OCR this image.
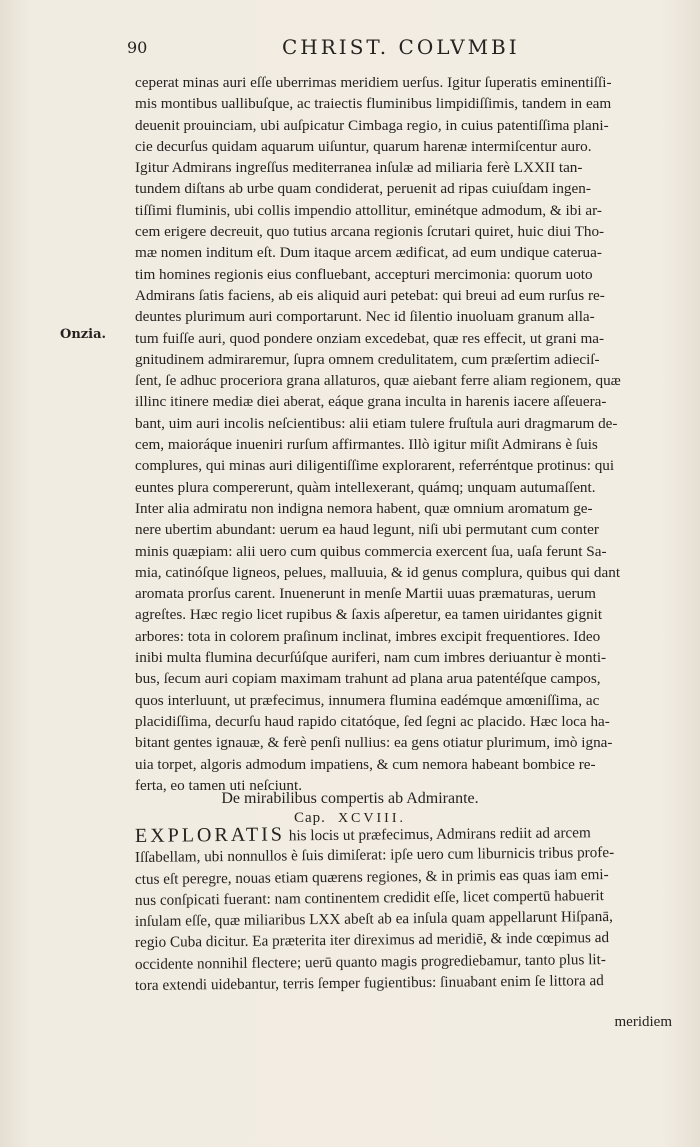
90	CHRIST. COLVMBI
Onzia.
ceperat minas auri eſſe uberrimas meridiem uerſus. Igitur ſuperatis eminentiſſi-
mis montibus uallibuſque, ac traiectis fluminibus limpidiſſimis, tandem in eam
deuenit prouinciam, ubi auſpicatur Cimbaga regio, in cuius patentiſſima plani-
cie decurſus quidam aquarum uiſuntur, quarum harenæ intermiſcentur auro.
Igitur Admirans ingreſſus mediterranea inſulæ ad miliaria ferè LXXII tan-
tundem diſtans ab urbe quam condiderat, peruenit ad ripas cuiuſdam ingen-
tiſſimi fluminis, ubi collis impendio attollitur, eminétque admodum, & ibi ar-
cem erigere decreuit, quo tutius arcana regionis ſcrutari quiret, huic diui Tho-
mæ nomen inditum eſt. Dum itaque arcem ædificat, ad eum undique caterua-
tim homines regionis eius confluebant, accepturi mercimonia: quorum uoto
Admirans ſatis faciens, ab eis aliquid auri petebat: qui breui ad eum rurſus re-
deuntes plurimum auri comportarunt. Nec id ſilentio inuoluam granum alla-
tum fuiſſe auri, quod pondere onziam excedebat, quæ res effecit, ut grani ma-
gnitudinem admiraremur, ſupra omnem credulitatem, cum præſertim adieciſ-
ſent, ſe adhuc proceriora grana allaturos, quæ aiebant ferre aliam regionem, quæ
illinc itinere mediæ diei aberat, eáque grana inculta in harenis iacere aſſeuera-
bant, uim auri incolis neſcientibus: alii etiam tulere fruſtula auri dragmarum de-
cem, maioráque inueniri rurſum affirmantes. Illò igitur miſit Admirans è ſuis
complures, qui minas auri diligentiſſime explorarent, referréntque protinus: qui
euntes plura compererunt, quàm intellexerant, quámq; unquam autumaſſent.
Inter alia admiratu non indigna nemora habent, quæ omnium aromatum ge-
nere ubertim abundant: uerum ea haud legunt, niſi ubi permutant cum conter
minis quæpiam: alii uero cum quibus commercia exercent ſua, uaſa ferunt Sa-
mia, catinóſque ligneos, pelues, malluuia, & id genus complura, quibus qui dant
aromata prorſus carent. Inuenerunt in menſe Martii uuas præmaturas, uerum
agreſtes. Hæc regio licet rupibus & ſaxis aſperetur, ea tamen uiridantes gignit
arbores: tota in colorem praſinum inclinat, imbres excipit frequentiores. Ideo
inibi multa flumina decurſúſque auriferi, nam cum imbres deriuantur è monti-
bus, ſecum auri copiam maximam trahunt ad plana arua patentéſque campos,
quos interluunt, ut præfecimus, innumera flumina eadémque amœniſſima, ac
placidiſſima, decurſu haud rapido citatóque, ſed ſegni ac placido. Hæc loca ha-
bitant gentes ignauæ, & ferè penſi nullius: ea gens otiatur plurimum, imò igna-
uia torpet, algoris admodum impatiens, & cum nemora habeant bombice re-
ferta, eo tamen uti neſciunt.
De mirabilibus compertis ab Admirante.
Cap. XCVIII.
EXPLORATIS his locis ut præfecimus, Admirans rediit ad arcem
Iſſabellam, ubi nonnullos è ſuis dimiſerat: ipſe uero cum liburnicis tribus profe-
ctus eſt peregre, nouas etiam quærens regiones, & in primis eas quas iam emi-
nus conſpicati fuerant: nam continentem credidit eſſe, licet compertū habuerit
inſulam eſſe, quæ miliaribus LXX abeſt ab ea inſula quam appellarunt Hiſpanā,
regio Cuba dicitur. Ea præterita iter direximus ad meridiē, & inde cœpimus ad
occidente nonnihil flectere; uerū quanto magis progrediebamur, tanto plus lit-
tora extendi uidebantur, terris ſemper fugientibus: ſinuabant enim ſe littora ad
meridiem
